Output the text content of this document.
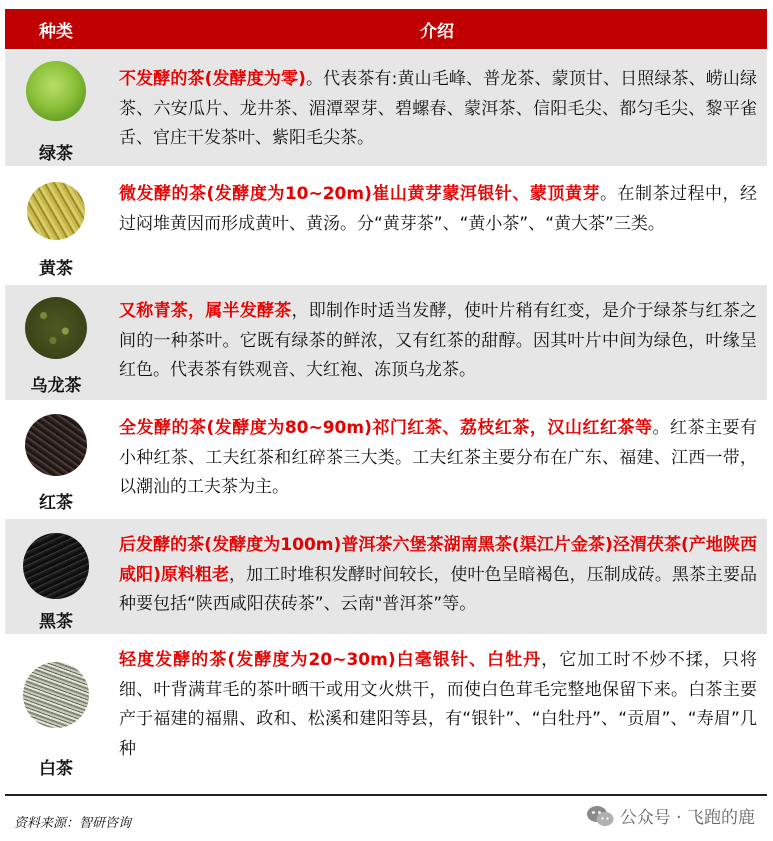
种类	介绍
绿茶
不发酵的茶(发酵度为零)。代表茶有:黄山毛峰、普龙茶、蒙顶甘、日照绿茶、崂山绿茶、六安瓜片、龙井茶、湄潭翠芽、碧螺春、蒙洱茶、信阳毛尖、都匀毛尖、黎平雀舌、官庄干发茶叶、紫阳毛尖茶。
黄茶
微发酵的茶(发酵度为10~20m)崔山黄芽蒙洱银针、蒙顶黄芽。在制茶过程中，经过闷堆黄因而形成黄叶、黄汤。分“黄芽茶”、“黄小茶”、“黄大茶”三类。
乌龙茶
又称青茶，属半发酵茶，即制作时适当发酵，使叶片稍有红变，是介于绿茶与红茶之间的一种茶叶。它既有绿茶的鲜浓，又有红茶的甜醇。因其叶片中间为绿色，叶缘呈红色。代表茶有铁观音、大红袍、冻顶乌龙茶。
红茶
全发酵的茶(发酵度为80~90m)祁门红茶、荔枝红茶，汉山红红茶等。红茶主要有小种红茶、工夫红茶和红碎茶三大类。工夫红茶主要分布在广东、福建、江西一带，以潮汕的工夫茶为主。
黑茶
后发酵的茶(发酵度为100m)普洱茶六堡茶湖南黑茶(渠江片金茶)泾渭茯茶(产地陕西咸阳)原料粗老，加工时堆积发酵时间较长，使叶色呈暗褐色，压制成砖。黑茶主要品种要包括“陕西咸阳茯砖茶”、云南"普洱茶”等。
白茶
轻度发酵的茶(发酵度为20~30m)白毫银针、白牡丹，它加工时不炒不揉，只将细、叶背满茸毛的茶叶晒干或用文火烘干，而使白色茸毛完整地保留下来。白茶主要产于福建的福鼎、政和、松溪和建阳等县，有“银针”、“白牡丹”、“贡眉”、“寿眉”几种
资料来源：智研咨询	公众号 · 飞跑的鹿
